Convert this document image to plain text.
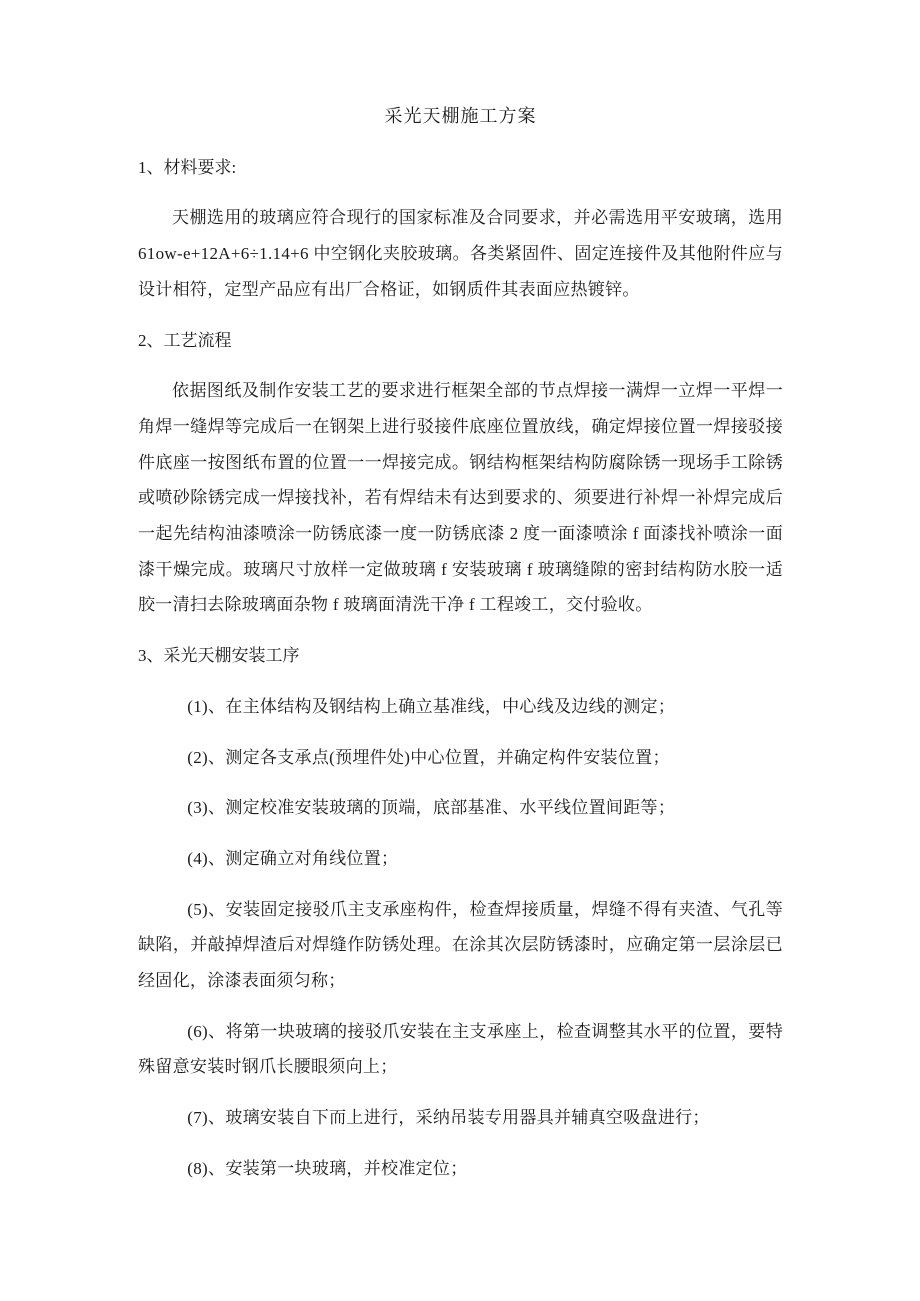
采光天棚施工方案
1、材料要求:

天棚选用的玻璃应符合现行的国家标准及合同要求，并必需选用平安玻璃，选用61ow-e+12A+6÷1.14+6 中空钢化夹胶玻璃。各类紧固件、固定连接件及其他附件应与设计相符，定型产品应有出厂合格证，如钢质件其表面应热镀锌。

2、工艺流程

依据图纸及制作安装工艺的要求进行框架全部的节点焊接一满焊一立焊一平焊一角焊一缝焊等完成后一在钢架上进行驳接件底座位置放线，确定焊接位置一焊接驳接件底座一按图纸布置的位置一一焊接完成。钢结构框架结构防腐除锈一现场手工除锈或喷砂除锈完成一焊接找补，若有焊结未有达到要求的、须要进行补焊一补焊完成后一起先结构油漆喷涂一防锈底漆一度一防锈底漆 2 度一面漆喷涂 f 面漆找补喷涂一面漆干燥完成。玻璃尺寸放样一定做玻璃 f 安装玻璃 f 玻璃缝隙的密封结构防水胶一适胶一清扫去除玻璃面杂物 f 玻璃面清洗干净 f 工程竣工，交付验收。

3、采光天棚安装工序

(1)、在主体结构及钢结构上确立基准线，中心线及边线的测定；

(2)、测定各支承点(预埋件处)中心位置，并确定构件安装位置；

(3)、测定校准安装玻璃的顶端，底部基准、水平线位置间距等；

(4)、测定确立对角线位置；

(5)、安装固定接驳爪主支承座构件，检查焊接质量，焊缝不得有夹渣、气孔等缺陷，并敲掉焊渣后对焊缝作防锈处理。在涂其次层防锈漆时，应确定第一层涂层已经固化，涂漆表面须匀称；

(6)、将第一块玻璃的接驳爪安装在主支承座上，检查调整其水平的位置，要特殊留意安装时钢爪长腰眼须向上；

(7)、玻璃安装自下而上进行，采纳吊装专用器具并辅真空吸盘进行；

(8)、安装第一块玻璃，并校准定位；
